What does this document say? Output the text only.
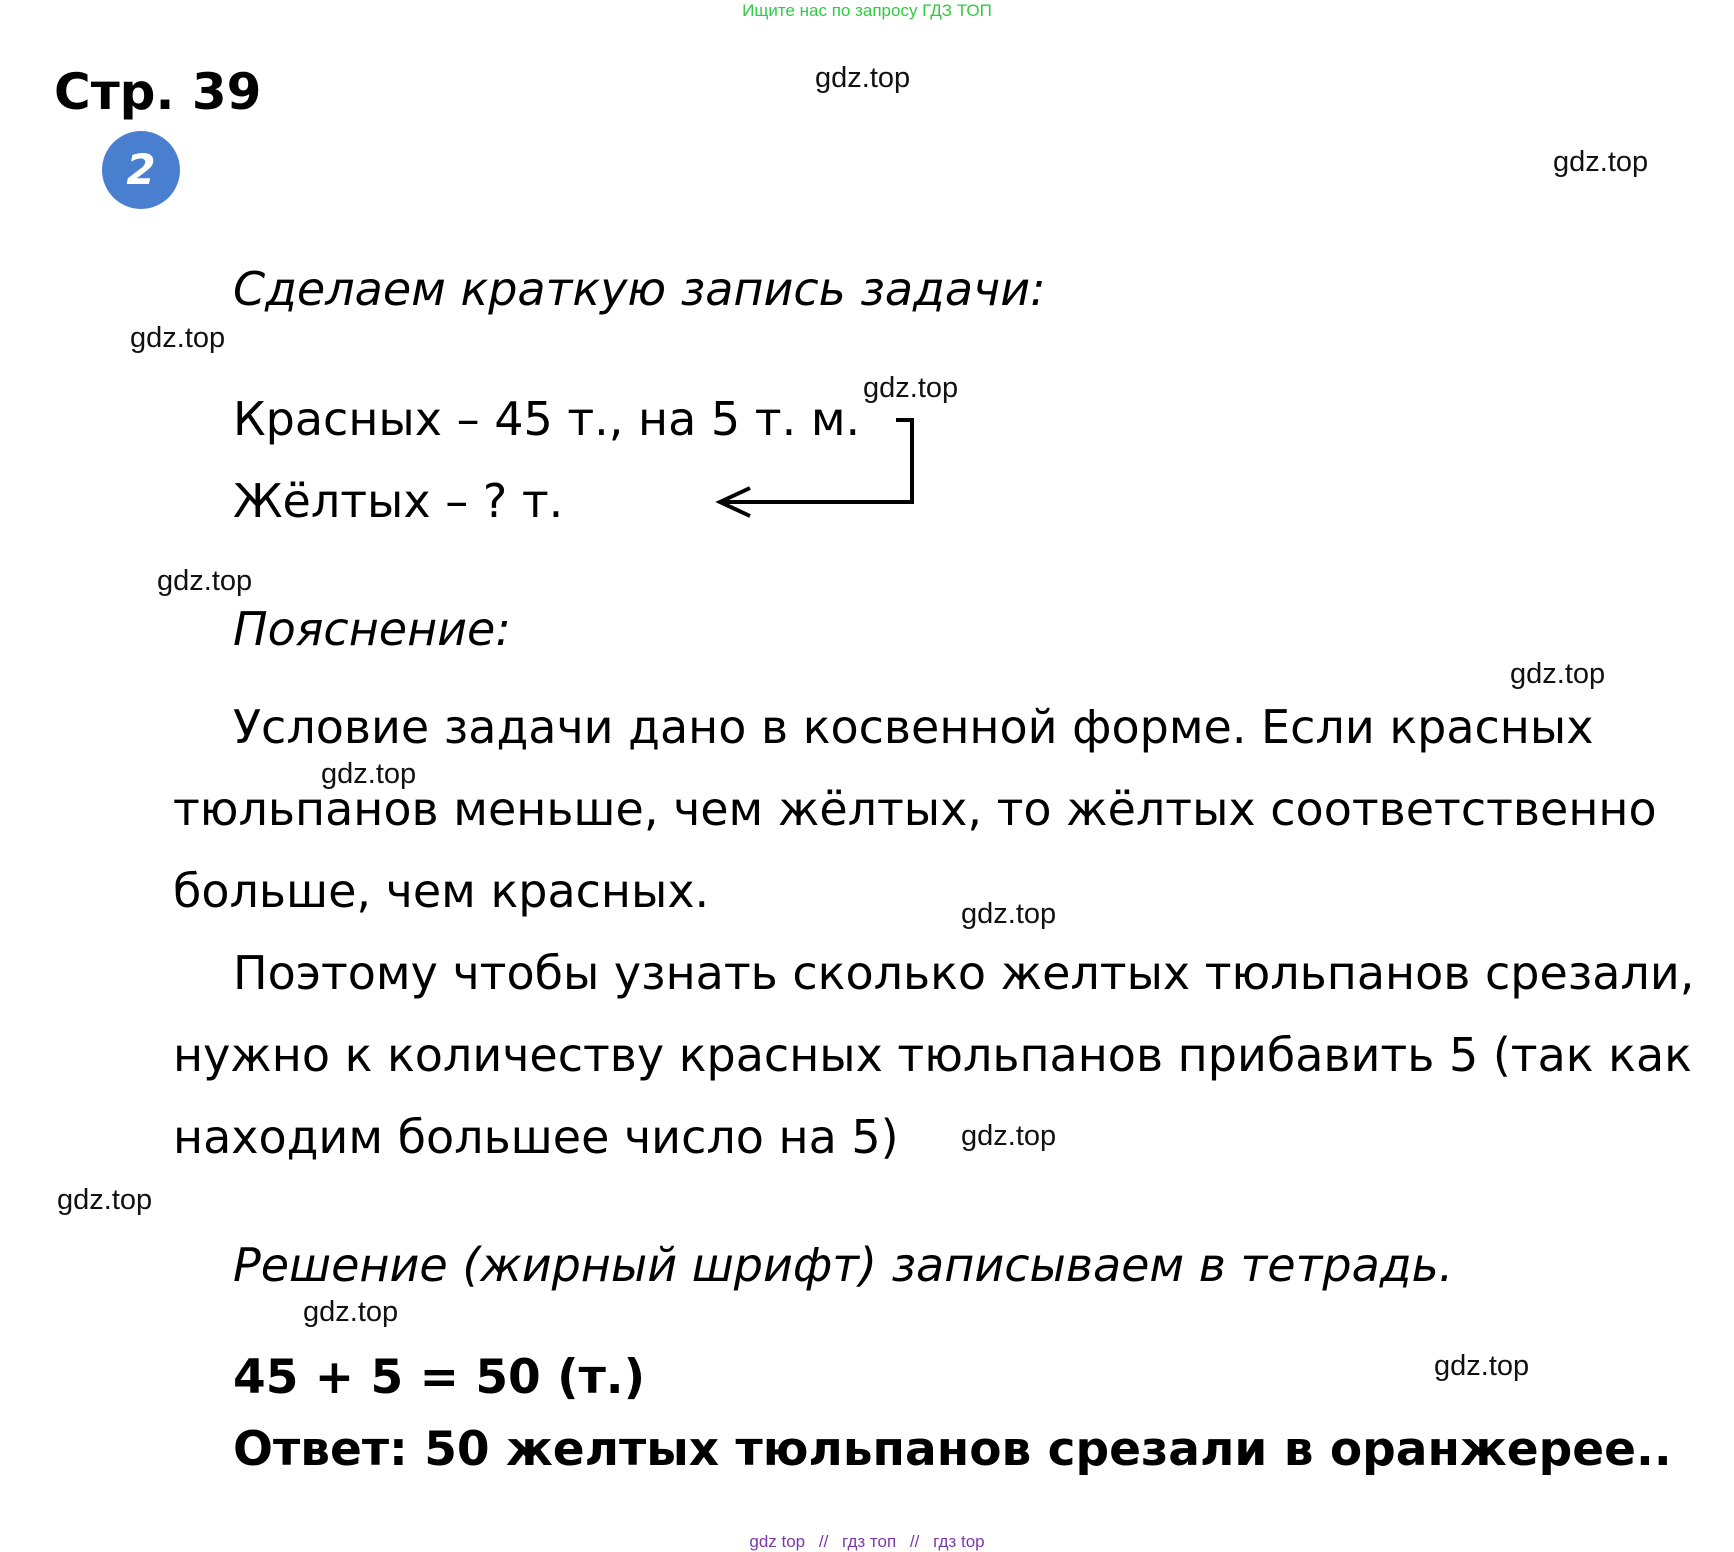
Ищите нас по запросу ГДЗ ТОП
Стр. 39
2
gdz.top
gdz.top
gdz.top
gdz.top
gdz.top
gdz.top
gdz.top
gdz.top
gdz.top
gdz.top
gdz.top
gdz.top
Сделаем краткую запись задачи:
Красных – 45 т., на 5 т. м.
Жёлтых – ? т.
Пояснение:
Условие задачи дано в косвенной форме. Если красных
тюльпанов меньше, чем жёлтых, то жёлтых соответственно
больше, чем красных.
Поэтому чтобы узнать сколько желтых тюльпанов срезали,
нужно к количеству красных тюльпанов прибавить 5 (так как
находим большее число на 5)
Решение (жирный шрифт) записываем в тетрадь.
45 + 5 = 50 (т.)
Ответ: 50 желтых тюльпанов срезали в оранжерее..
gdz top // гдз топ // гдз top
